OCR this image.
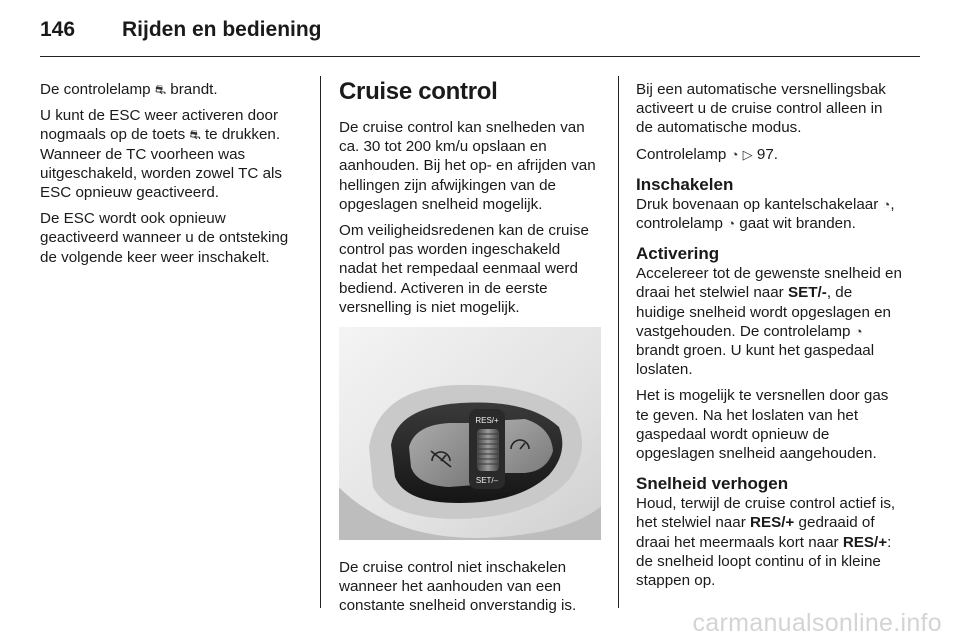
146	Rijden en bediening

De controlelamp ⛐ brandt.

U kunt de ESC weer activeren door nogmaals op de toets ⛐ te drukken. Wanneer de TC voorheen was uitgeschakeld, worden zowel TC als ESC opnieuw geactiveerd.

De ESC wordt ook opnieuw geactiveerd wanneer u de ontsteking de volgende keer weer inschakelt.

Cruise control

De cruise control kan snelheden van ca. 30 tot 200 km/u opslaan en aanhouden. Bij het op- en afrijden van hellingen zijn afwijkingen van de opgeslagen snelheid mogelijk.

Om veiligheidsredenen kan de cruise control pas worden ingeschakeld nadat het rempedaal eenmaal werd bediend. Activeren in de eerste versnelling is niet mogelijk.

RES/+
SET/–

De cruise control niet inschakelen wanneer het aanhouden van een constante snelheid onverstandig is.

Bij een automatische versnellingsbak activeert u de cruise control alleen in de automatische modus.

Controlelamp ◔ ▷ 97.

Inschakelen

Druk bovenaan op kantelschakelaar ◔, controlelamp ◔ gaat wit branden.

Activering

Accelereer tot de gewenste snelheid en draai het stelwiel naar SET/-, de huidige snelheid wordt opgeslagen en vastgehouden. De controlelamp ◔ brandt groen. U kunt het gaspedaal loslaten.

Het is mogelijk te versnellen door gas te geven. Na het loslaten van het gaspedaal wordt opnieuw de opgeslagen snelheid aangehouden.

Snelheid verhogen

Houd, terwijl de cruise control actief is, het stelwiel naar RES/+ gedraaid of draai het meermaals kort naar RES/+: de snelheid loopt continu of in kleine stappen op.

carmanualsonline.info
